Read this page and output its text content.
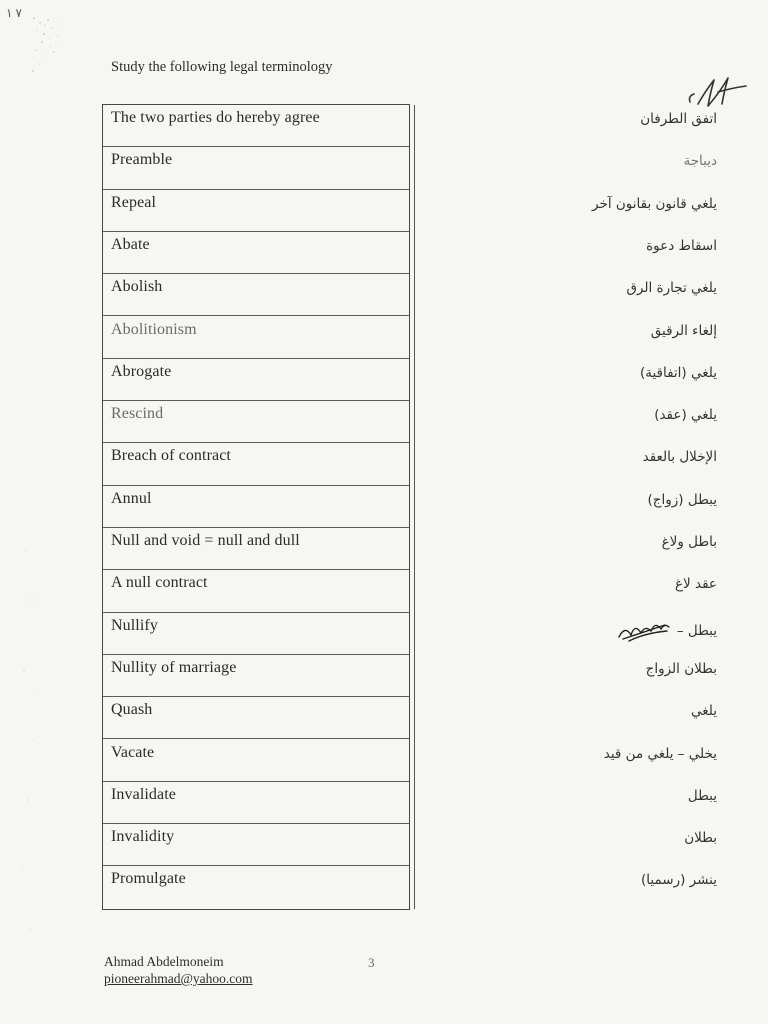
٧ ١
Study the following legal terminology
The two parties do hereby agree	اتفق الطرفان
Preamble	ديباجة
Repeal	يلغي قانون بقانون آخر
Abate	اسقاط دعوة
Abolish	يلغي تجارة الرق
Abolitionism	إلغاء الرقيق
Abrogate	يلغي (اتفاقية)
Rescind	يلغي (عقد)
Breach of contract	الإخلال بالعقد
Annul	يبطل (زواج)
Null and void = null and dull	باطل ولاغ
A null contract	عقد لاغ
Nullify	يبطل –
Nullity of marriage	بطلان الزواج
Quash	يلغي
Vacate	يخلي – يلغي من قيد
Invalidate	يبطل
Invalidity	بطلان
Promulgate	ينشر (رسميا)
Ahmad Abdelmoneim
pioneerahmad@yahoo.com
3
